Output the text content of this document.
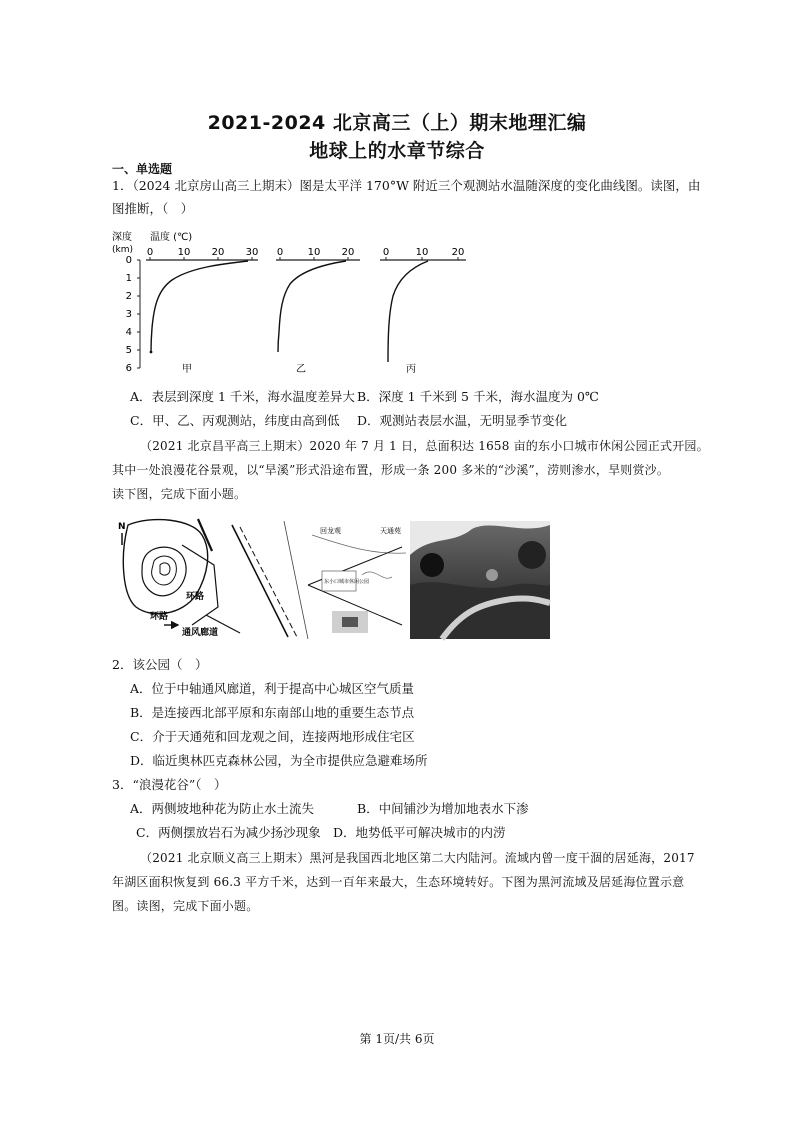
2021-2024 北京高三（上）期末地理汇编
地球上的水章节综合
一、单选题
1．（2024 北京房山高三上期末）图是太平洋 170°W 附近三个观测站水温随深度的变化曲线图。读图，由
图推断，（　）
深度
(km)
温度 (℃)
0
1
2
3
4
5
6
0 10 20 30
甲
0 10 20
乙
0	10 20
丙
A．表层到深度 1 千米，海水温度差异大 B．深度 1 千米到 5 千米，海水温度为 0℃
C．甲、乙、丙观测站，纬度由高到低 D．观测站表层水温，无明显季节变化
（2021 北京昌平高三上期末）2020 年 7 月 1 日，总面积达 1658 亩的东小口城市休闲公园正式开园。
其中一处浪漫花谷景观，以“旱溪”形式沿途布置，形成一条 200 多米的“沙溪”，涝则渗水，旱则赏沙。
读下图，完成下面小题。
N
环路
环路
通风廊道
回龙观	天通苑
东小口城市休闲公园
2．该公园（　）
A．位于中轴通风廊道，利于提高中心城区空气质量
B．是连接西北部平原和东南部山地的重要生态节点
C．介于天通苑和回龙观之间，连接两地形成住宅区
D．临近奥林匹克森林公园，为全市提供应急避难场所
3．“浪漫花谷”（　）
A．两侧坡地种花为防止水土流失	B．中间铺沙为增加地表水下渗
C．两侧摆放岩石为减少扬沙现象 D．地势低平可解决城市的内涝
（2021 北京顺义高三上期末）黑河是我国西北地区第二大内陆河。流域内曾一度干涸的居延海，2017
年湖区面积恢复到 66.3 平方千米，达到一百年来最大，生态环境转好。下图为黑河流域及居延海位置示意
图。读图，完成下面小题。
第 1页/共 6页
